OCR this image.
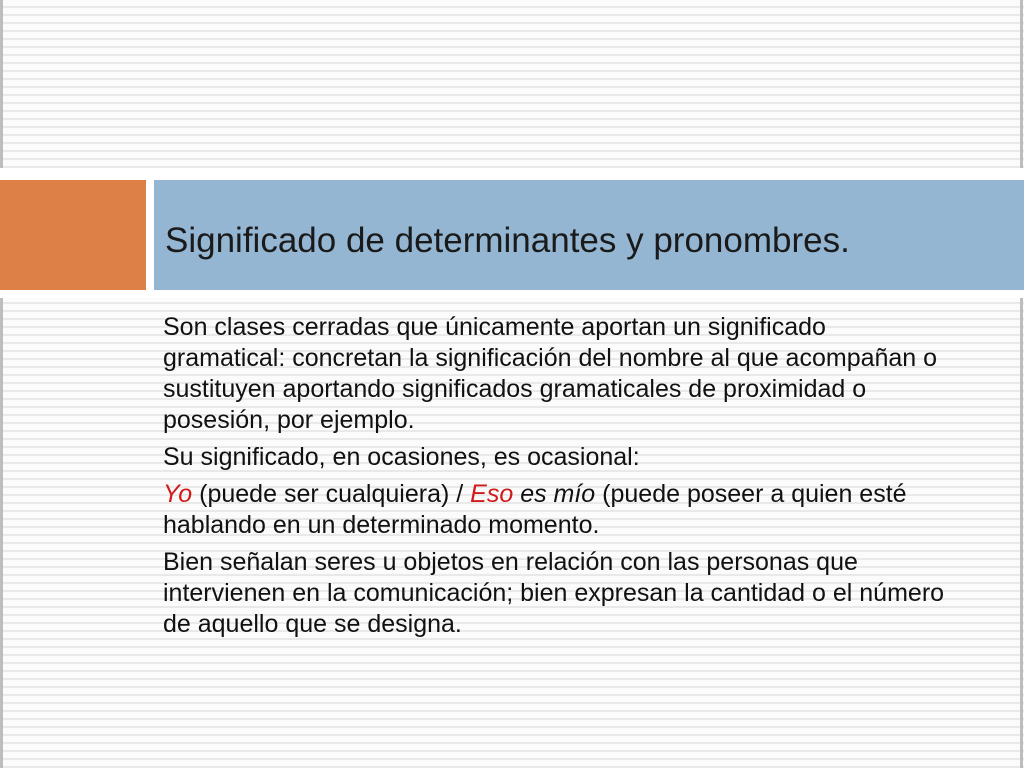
Significado de determinantes y pronombres.

Son clases cerradas que únicamente aportan un significado gramatical: concretan la significación del nombre al que acompañan o sustituyen aportando significados gramaticales de proximidad o posesión, por ejemplo.

Su significado, en ocasiones, es ocasional:

Yo (puede ser cualquiera) / Eso es mío (puede poseer a quien esté hablando en un determinado momento.

Bien señalan seres u objetos en relación con las personas que intervienen en la comunicación; bien expresan la cantidad o el número de aquello que se designa.
